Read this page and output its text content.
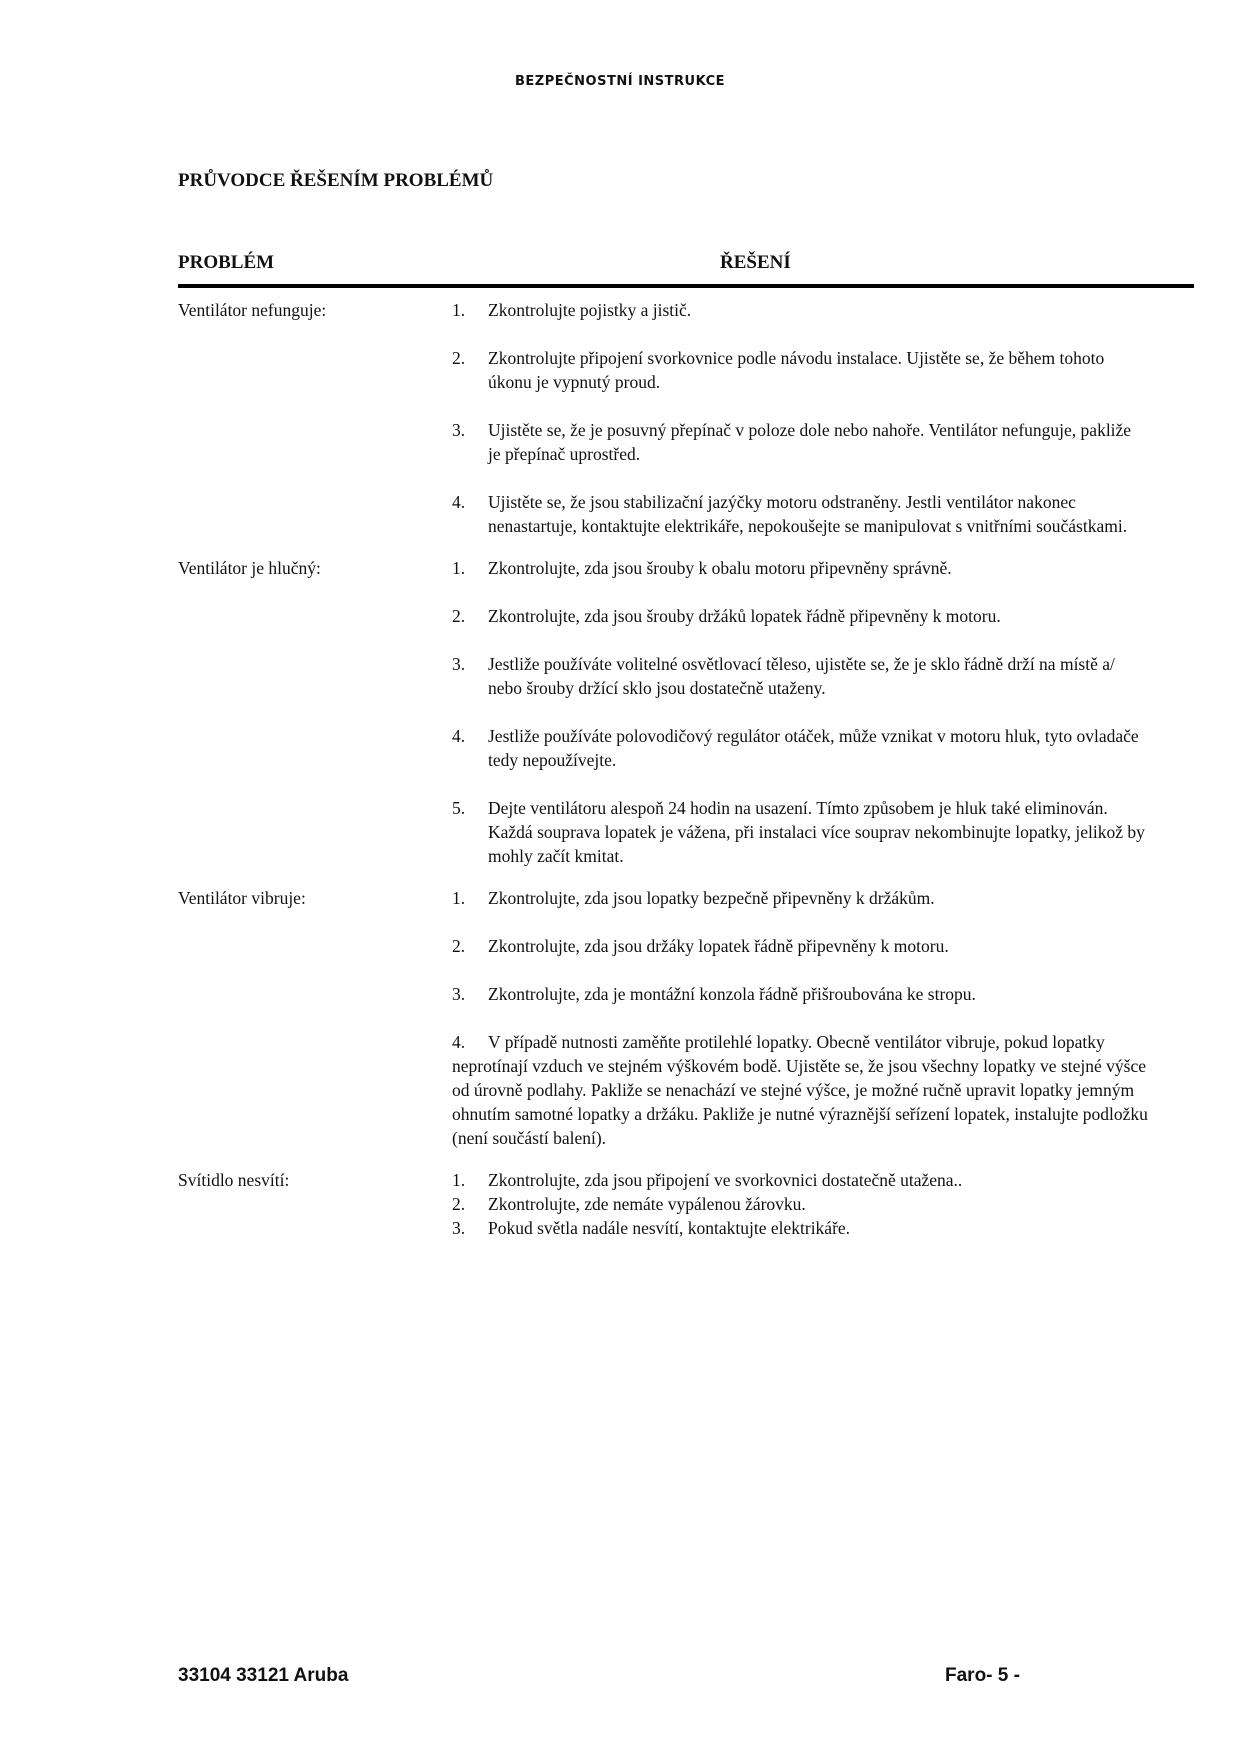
BEZPEČNOSTNÍ INSTRUKCE
PRŮVODCE ŘEŠENÍM PROBLÉMŮ
PROBLÉM	ŘEŠENÍ
Ventilátor nefunguje:	1.	Zkontrolujte pojistky a jistič.
2.	Zkontrolujte připojení svorkovnice podle návodu instalace. Ujistěte se, že během tohoto úkonu je vypnutý proud.
3.	Ujistěte se, že je posuvný přepínač v poloze dole nebo nahoře. Ventilátor nefunguje, pakliže je přepínač uprostřed.
4.	Ujistěte se, že jsou stabilizační jazýčky motoru odstraněny. Jestli ventilátor nakonec nenastartuje, kontaktujte elektrikáře, nepokoušejte se manipulovat s vnitřními součástkami.
Ventilátor je hlučný:	1.	Zkontrolujte, zda jsou šrouby k obalu motoru připevněny správně.
2.	Zkontrolujte, zda jsou šrouby držáků lopatek řádně připevněny k motoru.
3.	Jestliže používáte volitelné osvětlovací těleso, ujistěte se, že je sklo řádně drží na místě a/ nebo šrouby držící sklo jsou dostatečně utaženy.
4.	Jestliže používáte polovodičový regulátor otáček, může vznikat v motoru hluk, tyto ovladače tedy nepoužívejte.
5.	Dejte ventilátoru alespoň 24 hodin na usazení. Tímto způsobem je hluk také eliminován. Každá souprava lopatek je vážena, při instalaci více souprav nekombinujte lopatky, jelikož by mohly začít kmitat.
Ventilátor vibruje:	1.	Zkontrolujte, zda jsou lopatky bezpečně připevněny k držákům.
2.	Zkontrolujte, zda jsou držáky lopatek řádně připevněny k motoru.
3.	Zkontrolujte, zda je montážní konzola řádně přišroubována ke stropu.
4. V případě nutnosti zaměňte protilehlé lopatky. Obecně ventilátor vibruje, pokud lopatky neprotínají vzduch ve stejném výškovém bodě. Ujistěte se, že jsou všechny lopatky ve stejné výšce od úrovně podlahy. Pakliže se nenachází ve stejné výšce, je možné ručně upravit lopatky jemným ohnutím samotné lopatky a držáku. Pakliže je nutné výraznější seřízení lopatek, instalujte podložku (není součástí balení).
Svítidlo nesvítí:	1.	Zkontrolujte, zda jsou připojení ve svorkovnici dostatečně utažena..
2.	Zkontrolujte, zde nemáte vypálenou žárovku.
3.	Pokud světla nadále nesvítí, kontaktujte elektrikáře.
33104 33121 Aruba	Faro- 5 -
